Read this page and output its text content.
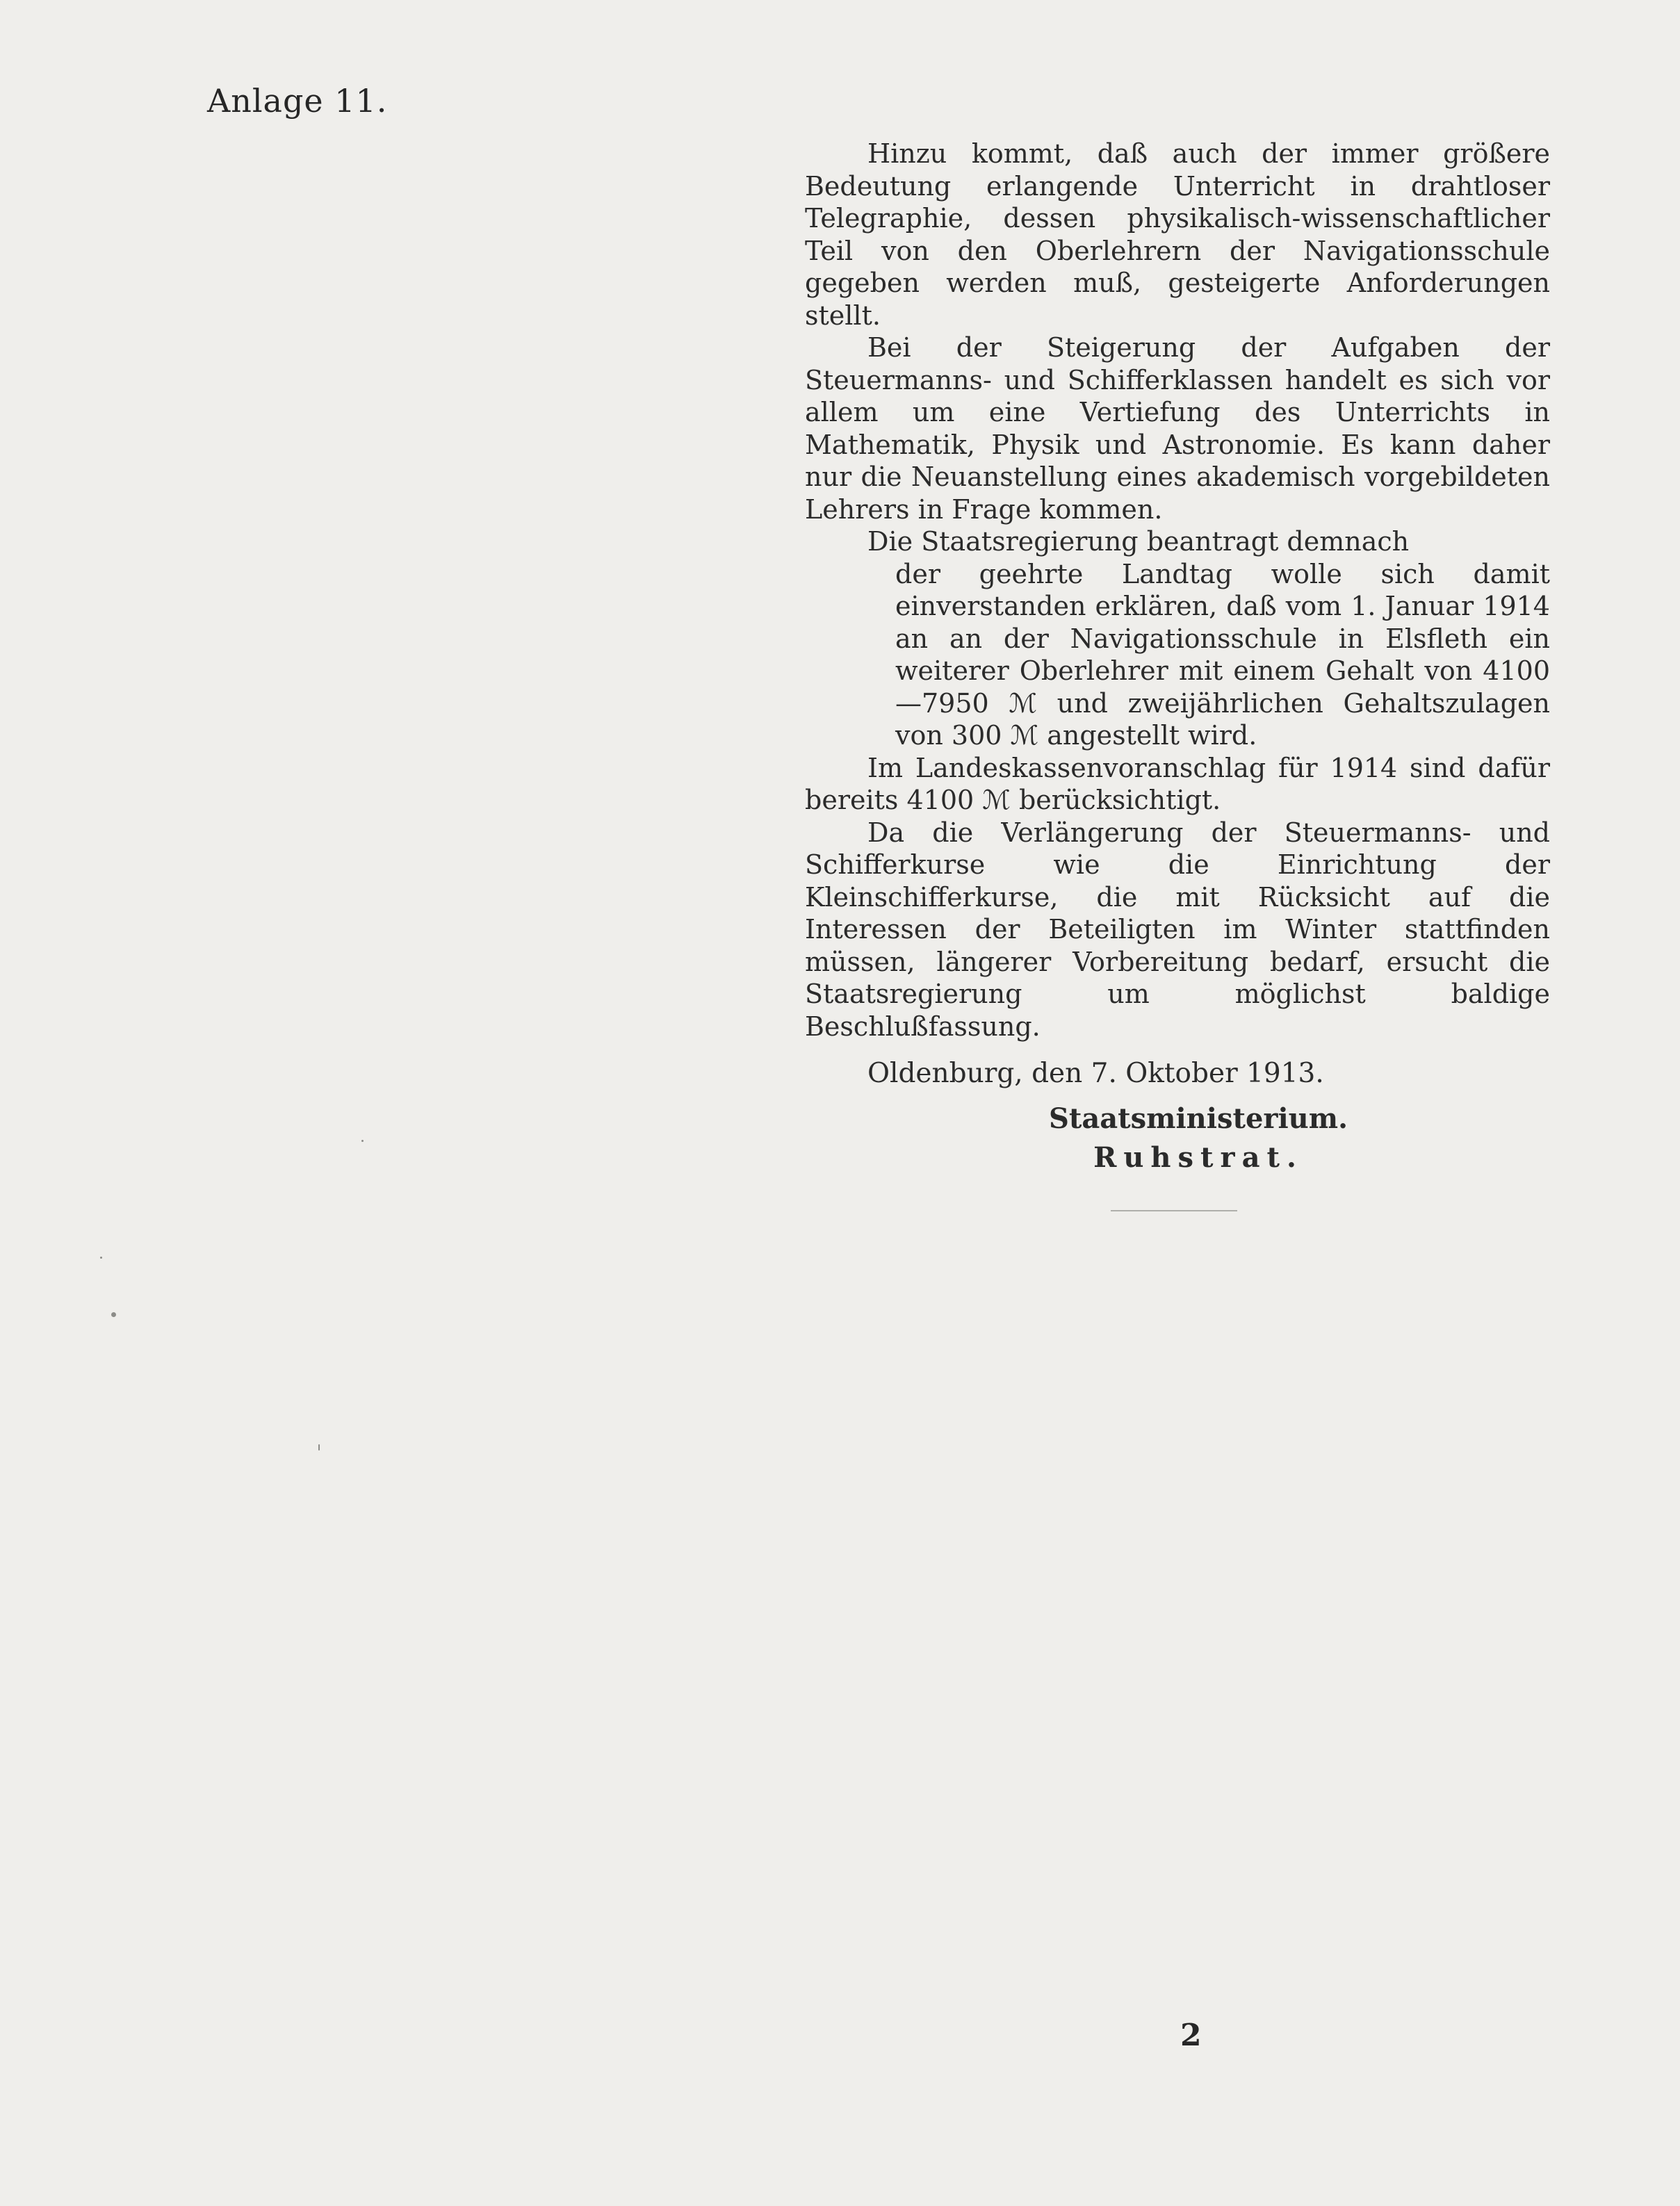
Anlage 11.

Hinzu kommt, daß auch der immer größere Bedeutung erlangende Unterricht in drahtloser Telegraphie, dessen physikalisch-wissenschaftlicher Teil von den Oberlehrern der Navigationsschule gegeben werden muß, gesteigerte Anforderungen stellt.

Bei der Steigerung der Aufgaben der Steuermanns- und Schifferklassen handelt es sich vor allem um eine Vertiefung des Unterrichts in Mathematik, Physik und Astronomie. Es kann daher nur die Neuanstellung eines akademisch vorgebildeten Lehrers in Frage kommen.

Die Staatsregierung beantragt demnach

der geehrte Landtag wolle sich damit einverstanden erklären, daß vom 1. Januar 1914 an an der Navigationsschule in Elsfleth ein weiterer Oberlehrer mit einem Gehalt von 4100—7950 ℳ und zweijährlichen Gehaltszulagen von 300 ℳ angestellt wird.

Im Landeskassenvoranschlag für 1914 sind dafür bereits 4100 ℳ berücksichtigt.

Da die Verlängerung der Steuermanns- und Schifferkurse wie die Einrichtung der Kleinschifferkurse, die mit Rücksicht auf die Interessen der Beteiligten im Winter stattfinden müssen, längerer Vorbereitung bedarf, ersucht die Staatsregierung um möglichst baldige Beschlußfassung.

Oldenburg, den 7. Oktober 1913.

Staatsministerium.

Ruhstrat.

2
